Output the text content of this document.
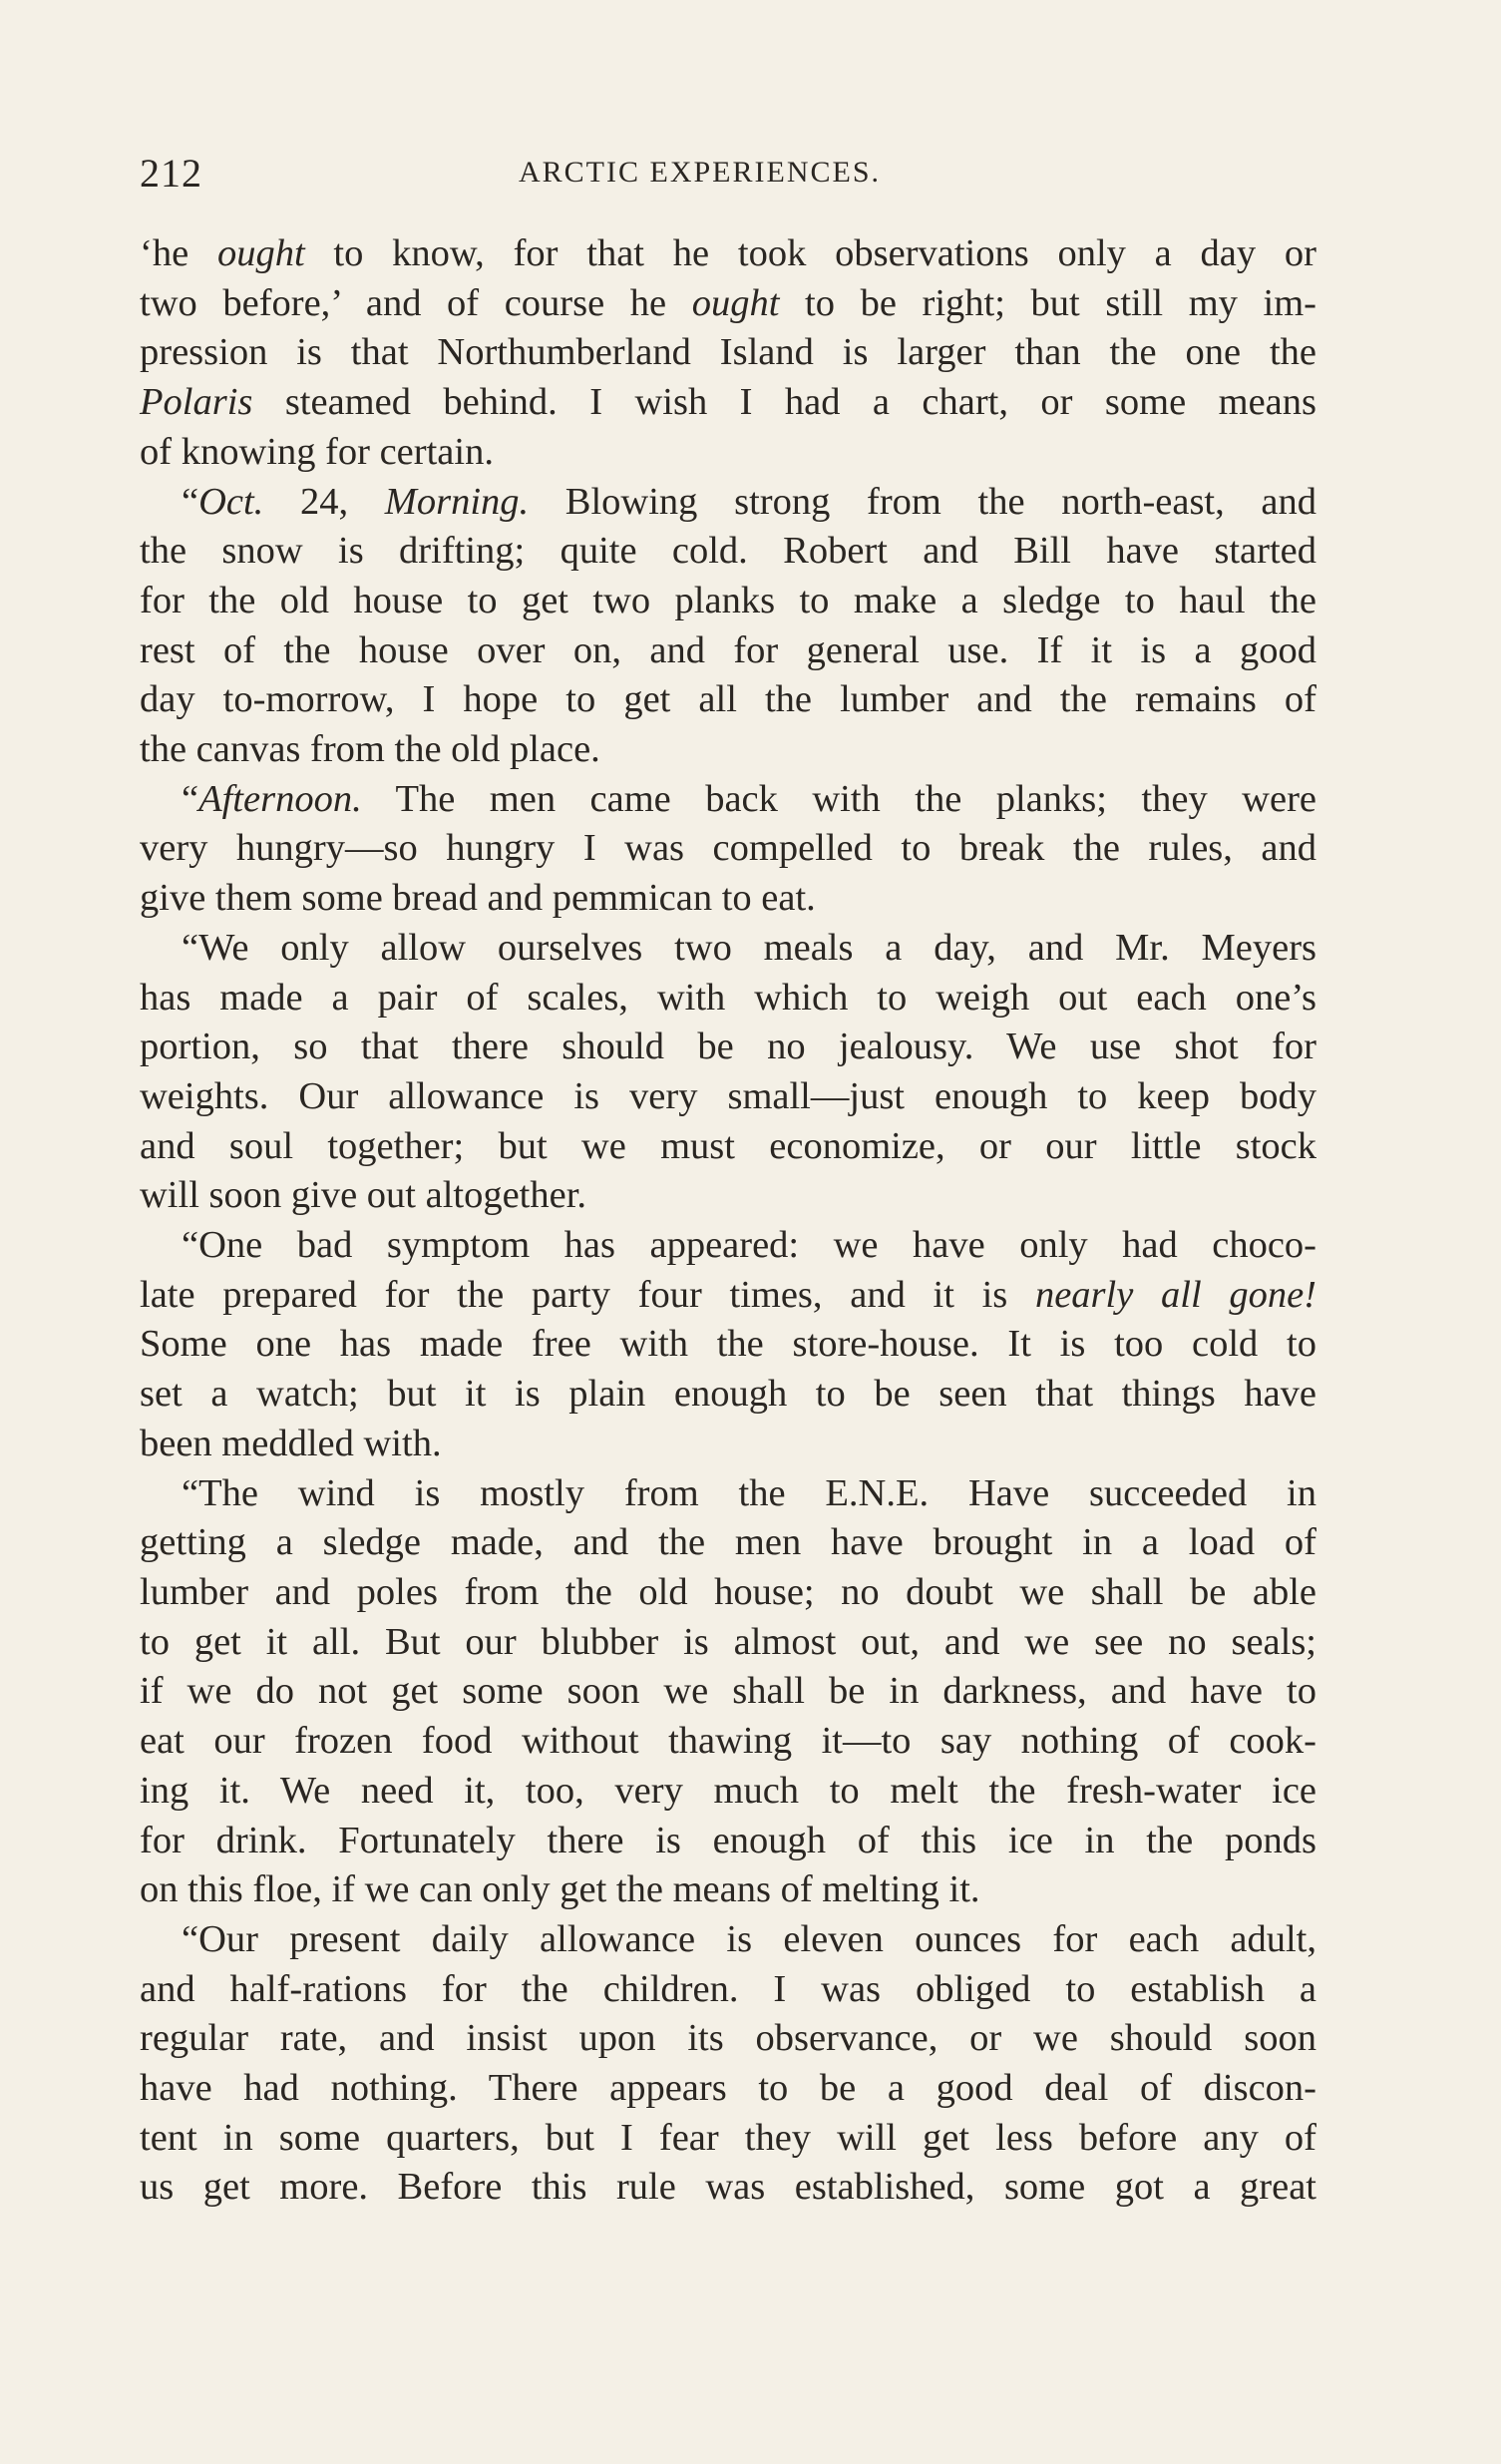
212	ARCTIC EXPERIENCES.
‘he ought to know, for that he took observations only a day or
two before,’ and of course he ought to be right; but still my im-
pression is that Northumberland Island is larger than the one the
Polaris steamed behind. I wish I had a chart, or some means
of knowing for certain.
“Oct. 24, Morning. Blowing strong from the north-east, and
the snow is drifting; quite cold. Robert and Bill have started
for the old house to get two planks to make a sledge to haul the
rest of the house over on, and for general use. If it is a good
day to-morrow, I hope to get all the lumber and the remains of
the canvas from the old place.
“Afternoon. The men came back with the planks; they were
very hungry—so hungry I was compelled to break the rules, and
give them some bread and pemmican to eat.
“We only allow ourselves two meals a day, and Mr. Meyers
has made a pair of scales, with which to weigh out each one’s
portion, so that there should be no jealousy. We use shot for
weights. Our allowance is very small—just enough to keep body
and soul together; but we must economize, or our little stock
will soon give out altogether.
“One bad symptom has appeared: we have only had choco-
late prepared for the party four times, and it is nearly all gone!
Some one has made free with the store-house. It is too cold to
set a watch; but it is plain enough to be seen that things have
been meddled with.
“The wind is mostly from the E.N.E. Have succeeded in
getting a sledge made, and the men have brought in a load of
lumber and poles from the old house; no doubt we shall be able
to get it all. But our blubber is almost out, and we see no seals;
if we do not get some soon we shall be in darkness, and have to
eat our frozen food without thawing it—to say nothing of cook-
ing it. We need it, too, very much to melt the fresh-water ice
for drink. Fortunately there is enough of this ice in the ponds
on this floe, if we can only get the means of melting it.
“Our present daily allowance is eleven ounces for each adult,
and half-rations for the children. I was obliged to establish a
regular rate, and insist upon its observance, or we should soon
have had nothing. There appears to be a good deal of discon-
tent in some quarters, but I fear they will get less before any of
us get more. Before this rule was established, some got a great
